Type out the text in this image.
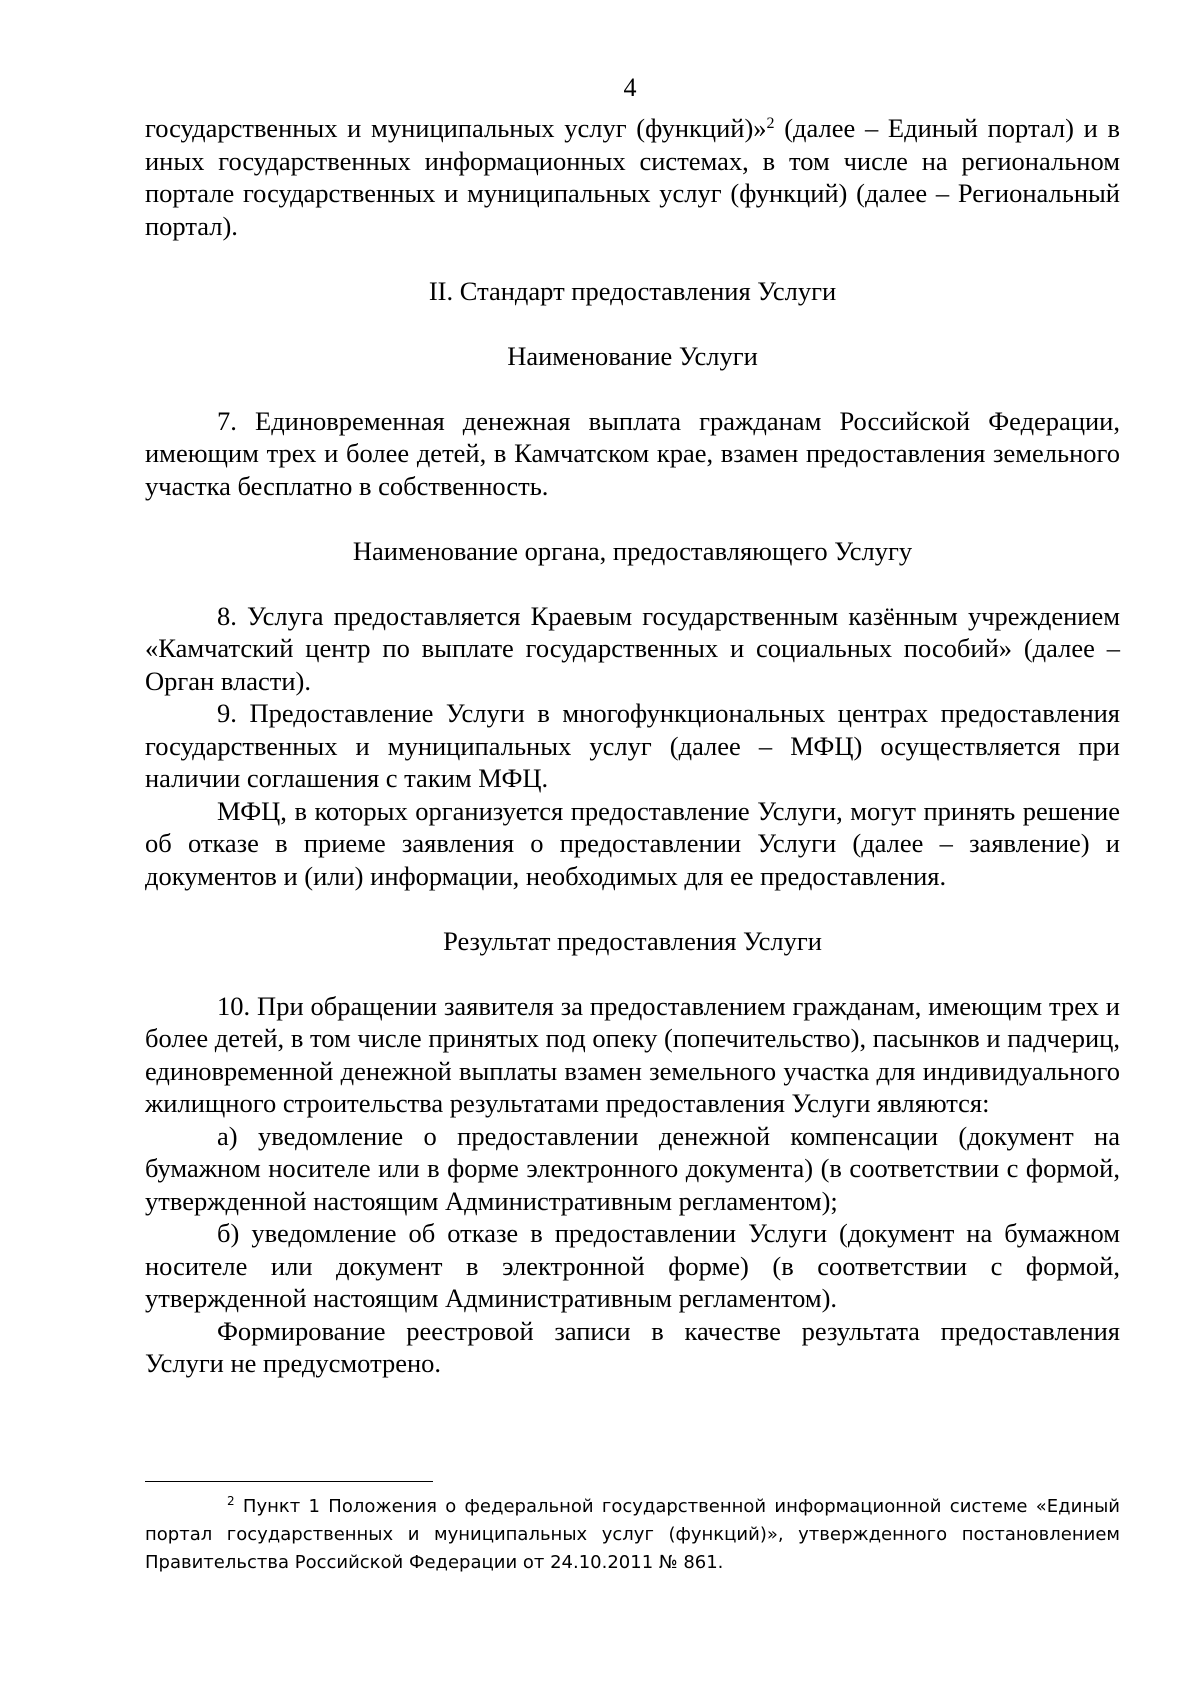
4

государственных и муниципальных услуг (функций)»$^2$ (далее – Единый портал) и в иных государственных информационных системах, в том числе на региональном портале государственных и муниципальных услуг (функций) (далее – Региональный портал).

II. Стандарт предоставления Услуги

Наименование Услуги

7. Единовременная денежная выплата гражданам Российской Федерации, имеющим трех и более детей, в Камчатском крае, взамен предоставления земельного участка бесплатно в собственность.

Наименование органа, предоставляющего Услугу

8. Услуга предоставляется Краевым государственным казённым учреждением «Камчатский центр по выплате государственных и социальных пособий» (далее – Орган власти).

9. Предоставление Услуги в многофункциональных центрах предоставления государственных и муниципальных услуг (далее – МФЦ) осуществляется при наличии соглашения с таким МФЦ.

МФЦ, в которых организуется предоставление Услуги, могут принять решение об отказе в приеме заявления о предоставлении Услуги (далее – заявление) и документов и (или) информации, необходимых для ее предоставления.

Результат предоставления Услуги

10. При обращении заявителя за предоставлением гражданам, имеющим трех и более детей, в том числе принятых под опеку (попечительство), пасынков и падчериц, единовременной денежной выплаты взамен земельного участка для индивидуального жилищного строительства результатами предоставления Услуги являются:

а) уведомление о предоставлении денежной компенсации (документ на бумажном носителе или в форме электронного документа) (в соответствии с формой, утвержденной настоящим Административным регламентом);

б) уведомление об отказе в предоставлении Услуги (документ на бумажном носителе или документ в электронной форме) (в соответствии с формой, утвержденной настоящим Административным регламентом).

Формирование реестровой записи в качестве результата предоставления Услуги не предусмотрено.

$^2$ Пункт 1 Положения о федеральной государственной информационной системе «Единый портал государственных и муниципальных услуг (функций)», утвержденного постановлением Правительства Российской Федерации от 24.10.2011 № 861.
